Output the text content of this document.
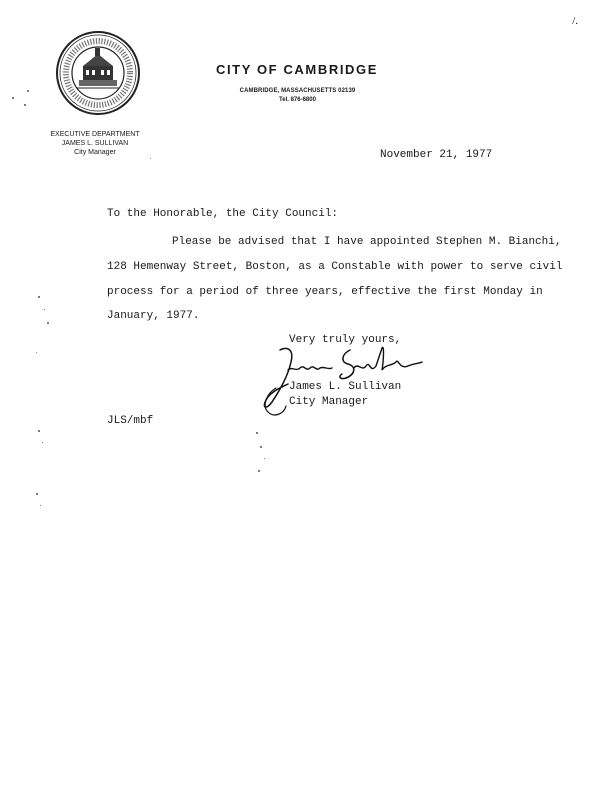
CITY OF CAMBRIDGE
CAMBRIDGE, MASSACHUSETTS 02139
Tel. 876-6800
EXECUTIVE DEPARTMENT
JAMES L. SULLIVAN
City Manager	November 21, 1977
To the Honorable, the City Council:
Please be advised that I have appointed Stephen M. Bianchi,
128 Hemenway Street, Boston, as a Constable with power to serve civil
process for a period of three years, effective the first Monday in
January, 1977.
Very truly yours,
James L. Sullivan
City Manager
JLS/mbf
/.
